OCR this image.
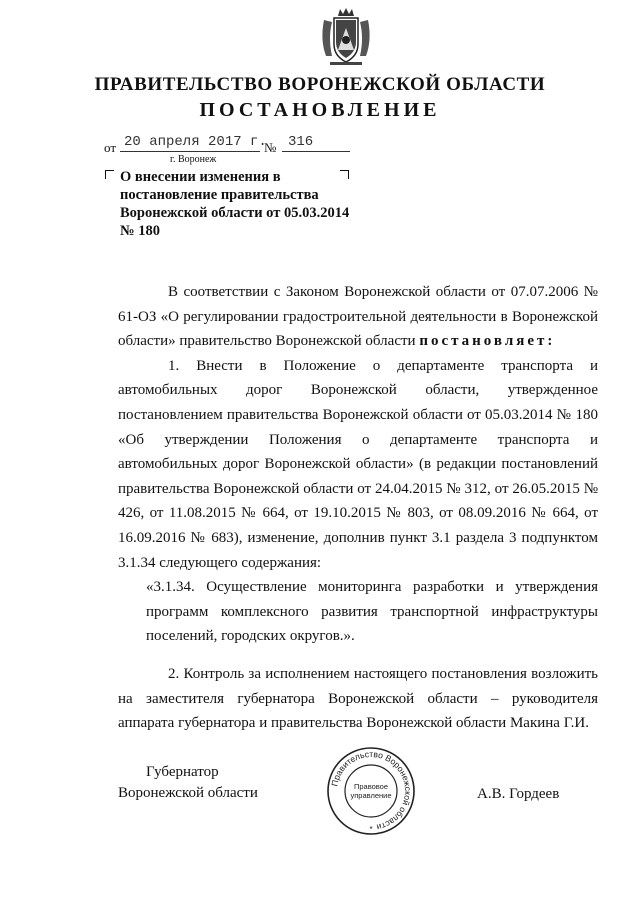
ПРАВИТЕЛЬСТВО ВОРОНЕЖСКОЙ ОБЛАСТИ
ПОСТАНОВЛЕНИЕ
от 20 апреля 2017 г.
№ 316
г. Воронеж
О внесении изменения в постановление правительства Воронежской области от 05.03.2014 № 180

В соответствии с Законом Воронежской области от 07.07.2006 № 61-ОЗ «О регулировании градостроительной деятельности в Воронежской области» правительство Воронежской области постановляет:

1. Внести в Положение о департаменте транспорта и автомобильных дорог Воронежской области, утвержденное постановлением правительства Воронежской области от 05.03.2014 № 180 «Об утверждении Положения о департаменте транспорта и автомобильных дорог Воронежской области» (в редакции постановлений правительства Воронежской области от 24.04.2015 № 312, от 26.05.2015 № 426, от 11.08.2015 № 664, от 19.10.2015 № 803, от 08.09.2016 № 664, от 16.09.2016 № 683), изменение, дополнив пункт 3.1 раздела 3 подпунктом 3.1.34 следующего содержания:

«3.1.34. Осуществление мониторинга разработки и утверждения программ комплексного развития транспортной инфраструктуры поселений, городских округов.».

2. Контроль за исполнением настоящего постановления возложить на заместителя губернатора Воронежской области – руководителя аппарата губернатора и правительства Воронежской области Макина Г.И.

Губернатор
Воронежской области
Правительство Воронежской области
Правовое
управление
*
А.В. Гордеев
